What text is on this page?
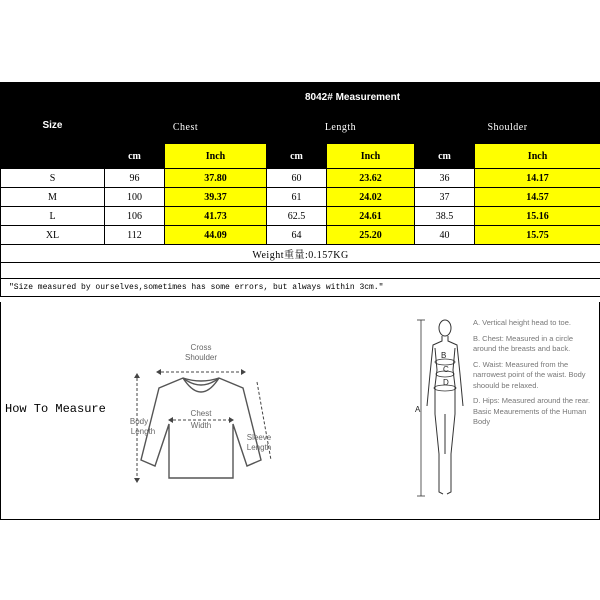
Size	8042# Measurement					
	Chest		Length		Shoulder	
	cm	Inch	cm	Inch	cm	Inch
S	96	37.80	60	23.62	36	14.17
M	100	39.37	61	24.02	37	14.57
L	106	41.73	62.5	24.61	38.5	15.16
XL	112	44.09	64	25.20	40	15.75
Weight重量:0.157KG						

"Size measured by ourselves,sometimes has some errors, but always within 3cm."						
How To Measure
Cross
Shoulder
Body
Length
Chest
Width
Sleeve
Length
A
B
C
D
A. Vertical height head to toe.
B. Chest: Measured in a circle around the breasts and back.
C. Waist: Measured from the narrowest point of the waist. Body shoould be relaxed.
D. Hips: Measured around the rear. Basic Meaurements of the Human Body
